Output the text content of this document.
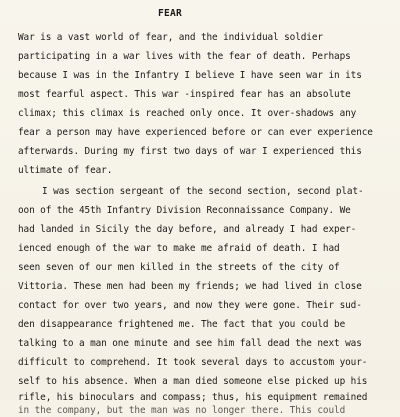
FEAR
War is a vast world of fear, and the individual soldier
participating in a war lives with the fear of death. Perhaps
because I was in the Infantry I believe I have seen war in its
most fearful aspect. This war -inspired fear has an absolute
climax; this climax is reached only once. It over-shadows any
fear a person may have experienced before or can ever experience
afterwards. During my first two days of war I experienced this
ultimate of fear.
I was section sergeant of the second section, second plat-
oon of the 45th Infantry Division Reconnaissance Company. We
had landed in Sicily the day before, and already I had exper-
ienced enough of the war to make me afraid of death. I had
seen seven of our men killed in the streets of the city of
Vittoria. These men had been my friends; we had lived in close
contact for over two years, and now they were gone. Their sud-
den disappearance frightened me. The fact that you could be
talking to a man one minute and see him fall dead the next was
difficult to comprehend. It took several days to accustom your-
self to his absence. When a man died someone else picked up his
rifle, his binoculars and compass; thus, his equipment remained
in the company, but the man was no longer there. This could
